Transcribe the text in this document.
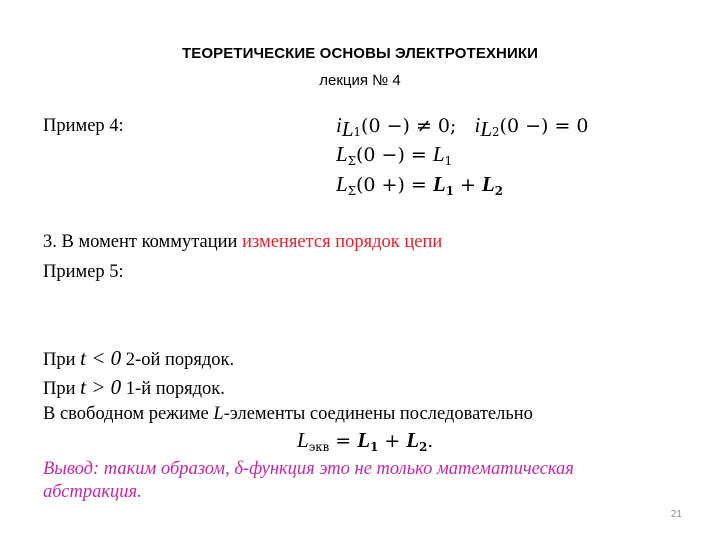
ТЕОРЕТИЧЕСКИЕ ОСНОВЫ ЭЛЕКТРОТЕХНИКИ
лекция № 4
Пример 4:	$i_{L1}(0$ −) ≠ 0;   $i_{L2}(0$ −) = 0
$L_\Sigma(0$ −) = $L_1$
$L_\Sigma(0$ +) = $L_1 + L_2$
3. В момент коммутации изменяется порядок цепи
Пример 5:
При t < 0 2-ой порядок.
При t > 0 1-й порядок.
В свободном режиме L-элементы соединены последовательно
$L_{экв} = L_1 + L_2$.
Вывод: таким образом, δ-функция это не только математическая
абстракция.
21
